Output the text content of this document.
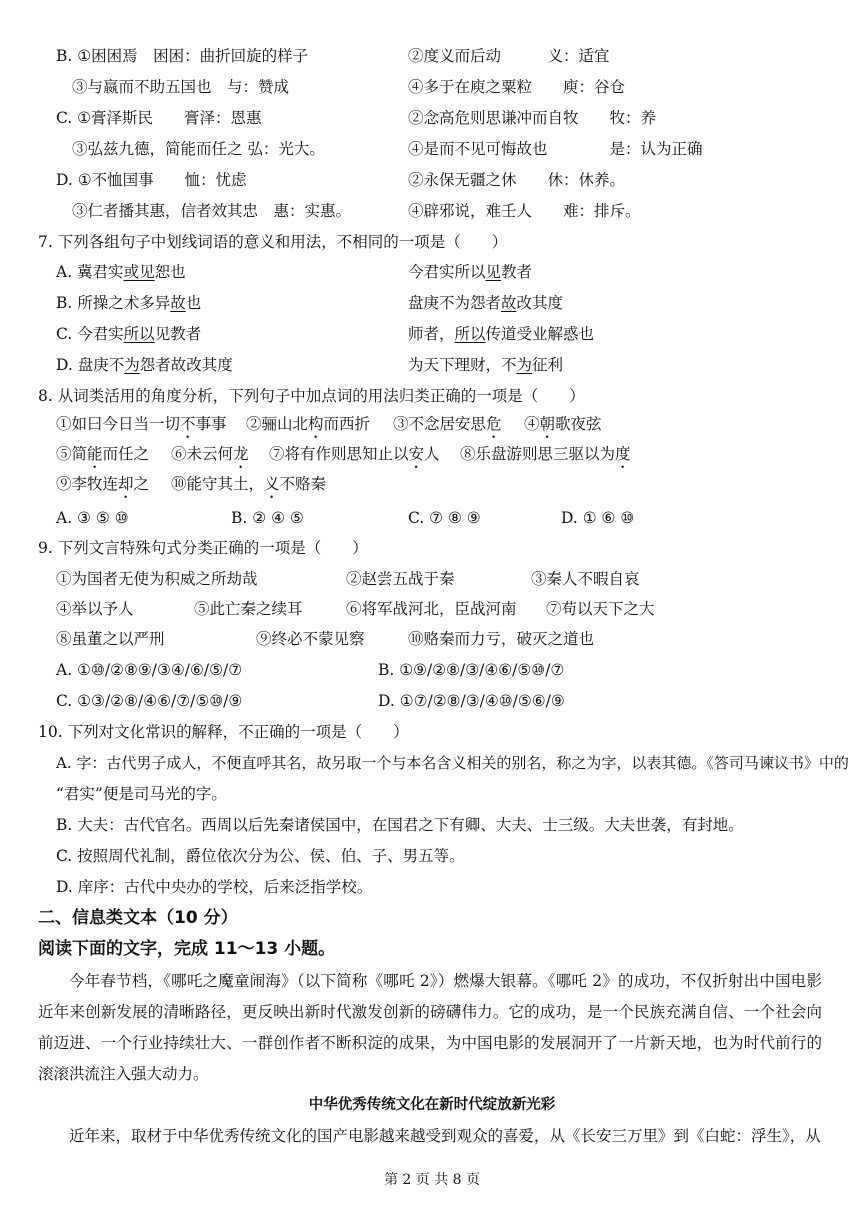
B. ①困困焉　困困：曲折回旋的样子	②度义而后动　　　义：适宜
③与嬴而不助五国也　与：赞成	④多于在庾之粟粒　　庾：谷仓
C. ①膏泽斯民　　膏泽：恩惠	②念高危则思谦冲而自牧　　牧：养
③弘兹九德，简能而任之 弘：光大。	④是而不见可悔故也　　　　是：认为正确
D. ①不恤国事　　恤：忧虑	②永保无疆之休　　休：休养。
③仁者播其惠，信者效其忠　惠：实惠。	④辟邪说，难壬人　　难：排斥。
7. 下列各组句子中划线词语的意义和用法，不相同的一项是（　　）
A. 冀君实或见恕也	今君实所以见教者
B. 所操之术多异故也	盘庚不为怨者故改其度
C. 今君实所以见教者	师者，所以传道受业解惑也
D. 盘庚不为怨者故改其度	为天下理财，不为征利
8. 从词类活用的角度分析，下列句子中加点词的用法归类正确的一项是（　　）
①如曰今日当一切不事事 ②骊山北构而西折 ③不念居安思危 ④朝歌夜弦
⑤简能而任之 ⑥未云何龙 ⑦将有作则思知止以安人 ⑧乐盘游则思三驱以为度
⑨李牧连却之 ⑩能守其土，义不赂秦
A. ③ ⑤ ⑩	B. ② ④ ⑤	C. ⑦ ⑧ ⑨	D. ① ⑥ ⑩
9. 下列文言特殊句式分类正确的一项是（　　）
①为国者无使为积威之所劫哉	②赵尝五战于秦	③秦人不暇自哀
④举以予人	⑤此亡秦之续耳	⑥将军战河北，臣战河南 ⑦苟以天下之大
⑧虽董之以严刑	⑨终必不蒙见察	⑩赂秦而力亏，破灭之道也
A. ①⑩/②⑧⑨/③④/⑥/⑤/⑦	B. ①⑨/②⑧/③/④⑥/⑤⑩/⑦
C. ①③/②⑧/④⑥/⑦/⑤⑩/⑨	D. ①⑦/②⑧/③/④⑩/⑤⑥/⑨
10. 下列对文化常识的解释，不正确的一项是（　　）
A. 字：古代男子成人，不便直呼其名，故另取一个与本名含义相关的别名，称之为字，以表其德。《答司马谏议书》中的
“君实”便是司马光的字。
B. 大夫：古代官名。西周以后先秦诸侯国中，在国君之下有卿、大夫、士三级。大夫世袭，有封地。
C. 按照周代礼制，爵位依次分为公、侯、伯、子、男五等。
D. 庠序：古代中央办的学校，后来泛指学校。
二、信息类文本（10 分）
阅读下面的文字，完成 11～13 小题。
今年春节档，《哪吒之魔童闹海》（以下简称《哪吒 2》）燃爆大银幕。《哪吒 2》的成功，不仅折射出中国电影近年来创新发展的清晰路径，更反映出新时代激发创新的磅礴伟力。它的成功，是一个民族充满自信、一个社会向前迈进、一个行业持续壮大、一群创作者不断积淀的成果，为中国电影的发展洞开了一片新天地，也为时代前行的滚滚洪流注入强大动力。
中华优秀传统文化在新时代绽放新光彩
近年来，取材于中华优秀传统文化的国产电影越来越受到观众的喜爱，从《长安三万里》到《白蛇：浮生》，从
第 2 页 共 8 页
